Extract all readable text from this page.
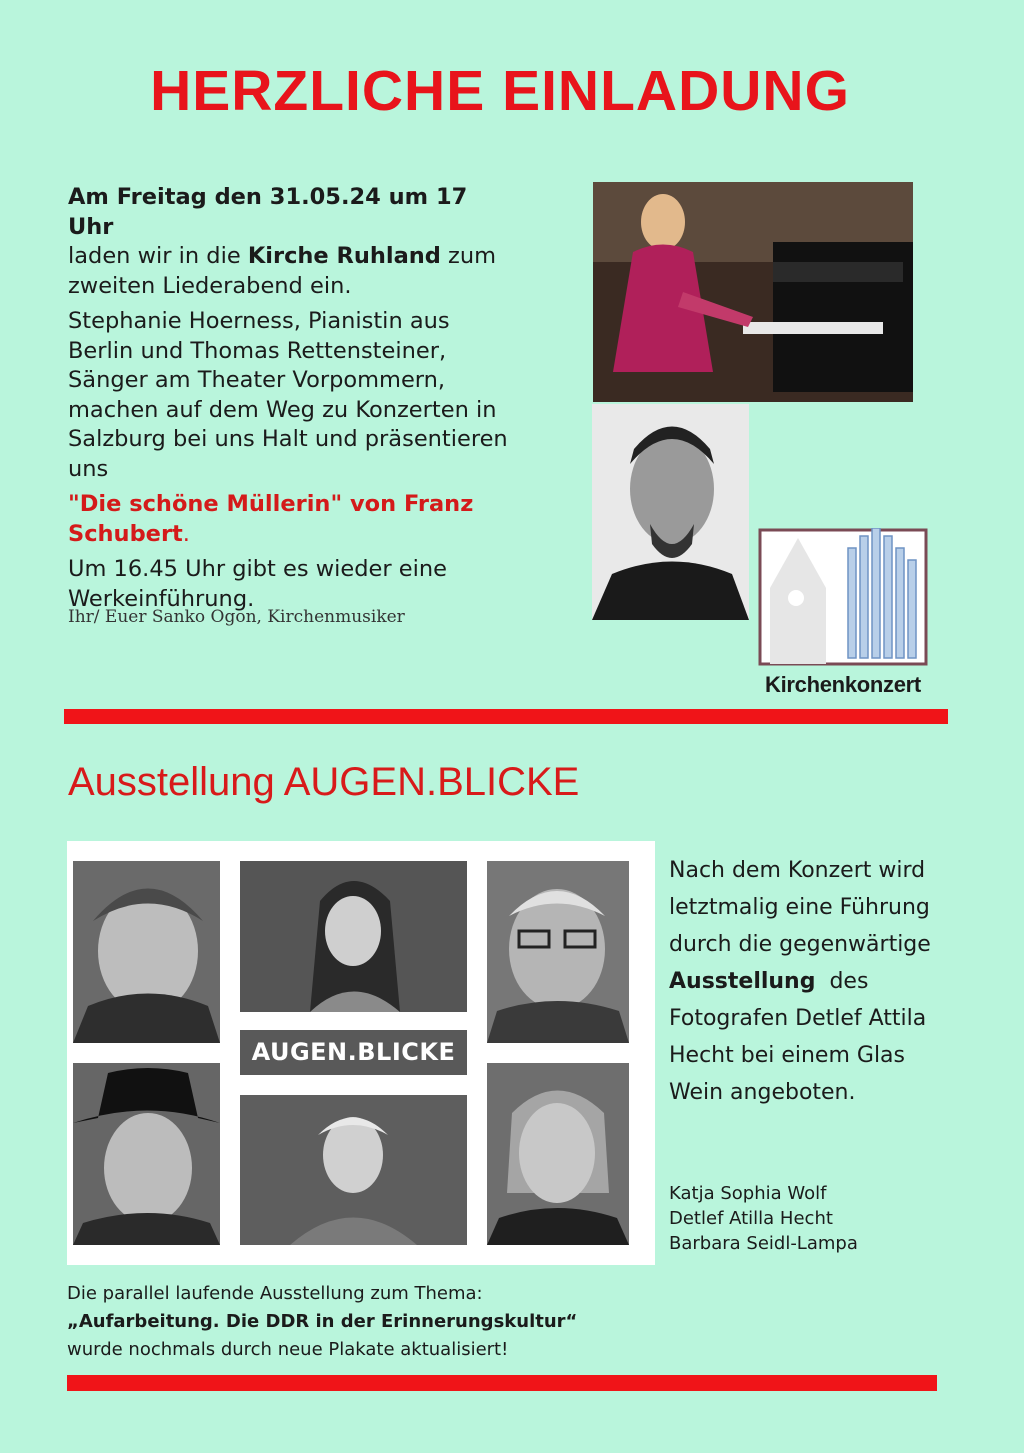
HERZLICHE EINLADUNG

Am Freitag den 31.05.24 um 17 Uhr
laden wir in die Kirche Ruhland zum zweiten Liederabend ein.

Stephanie Hoerness, Pianistin aus Berlin und Thomas Rettensteiner, Sänger am Theater Vorpommern, machen auf dem Weg zu Konzerten in Salzburg bei uns Halt und präsentieren uns

"Die schöne Müllerin" von Franz Schubert.

Um 16.45 Uhr gibt es wieder eine Werkeinführung.

Ihr/ Euer Sanko Ogon, Kirchenmusiker
Kirchenkonzert
Ausstellung AUGEN.BLICKE
AUGEN.BLICKE
Nach dem Konzert wird letztmalig eine Führung durch die gegenwärtige Ausstellung  des Fotografen Detlef Attila Hecht bei einem Glas Wein angeboten.
Katja Sophia Wolf
Detlef Atilla Hecht
Barbara Seidl-Lampa
Die parallel laufende Ausstellung zum Thema:
„Aufarbeitung. Die DDR in der Erinnerungskultur“
wurde nochmals durch neue Plakate aktualisiert!
